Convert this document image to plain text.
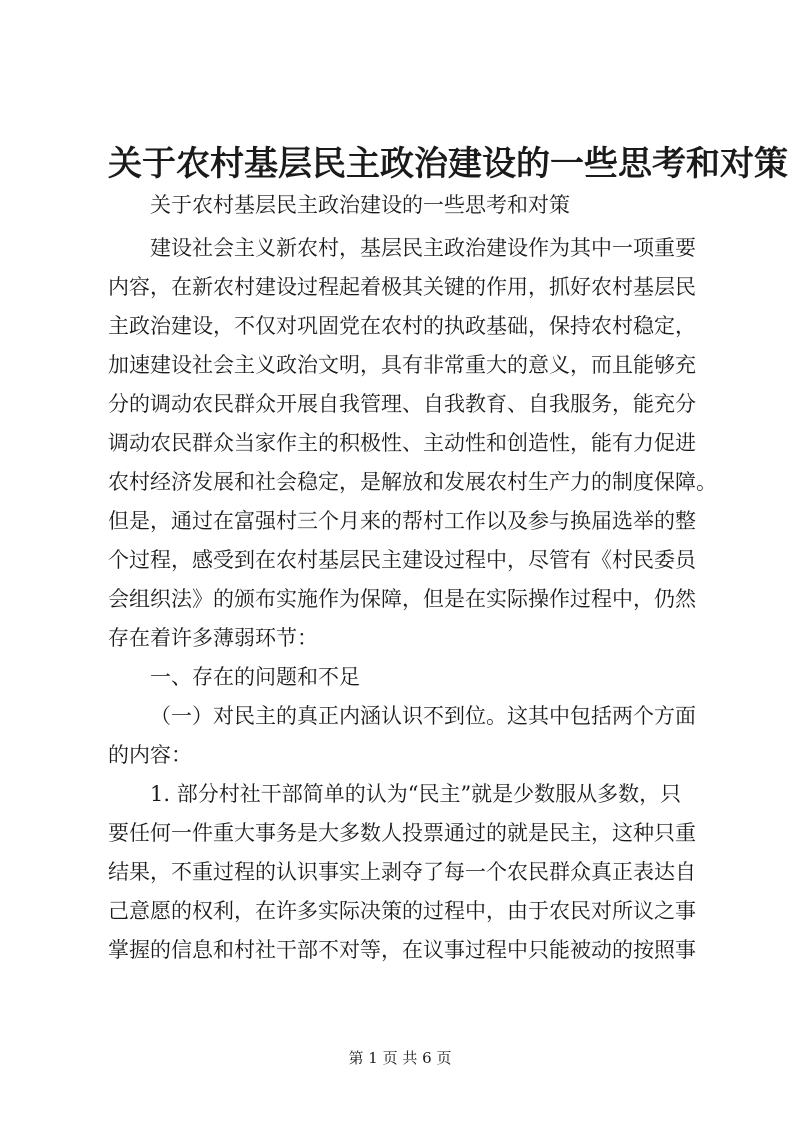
关于农村基层民主政治建设的一些思考和对策
关于农村基层民主政治建设的一些思考和对策
建设社会主义新农村，基层民主政治建设作为其中一项重要
内容，在新农村建设过程起着极其关键的作用，抓好农村基层民
主政治建设，不仅对巩固党在农村的执政基础，保持农村稳定，
加速建设社会主义政治文明，具有非常重大的意义，而且能够充
分的调动农民群众开展自我管理、自我教育、自我服务，能充分
调动农民群众当家作主的积极性、主动性和创造性，能有力促进
农村经济发展和社会稳定，是解放和发展农村生产力的制度保障。
但是，通过在富强村三个月来的帮村工作以及参与换届选举的整
个过程，感受到在农村基层民主建设过程中，尽管有《村民委员
会组织法》的颁布实施作为保障，但是在实际操作过程中，仍然
存在着许多薄弱环节：
一、存在的问题和不足
（一）对民主的真正内涵认识不到位。这其中包括两个方面
的内容：
1. 部分村社干部简单的认为“民主”就是少数服从多数，只
要任何一件重大事务是大多数人投票通过的就是民主，这种只重
结果，不重过程的认识事实上剥夺了每一个农民群众真正表达自
己意愿的权利，在许多实际决策的过程中，由于农民对所议之事
掌握的信息和村社干部不对等，在议事过程中只能被动的按照事
第 1 页 共 6 页
